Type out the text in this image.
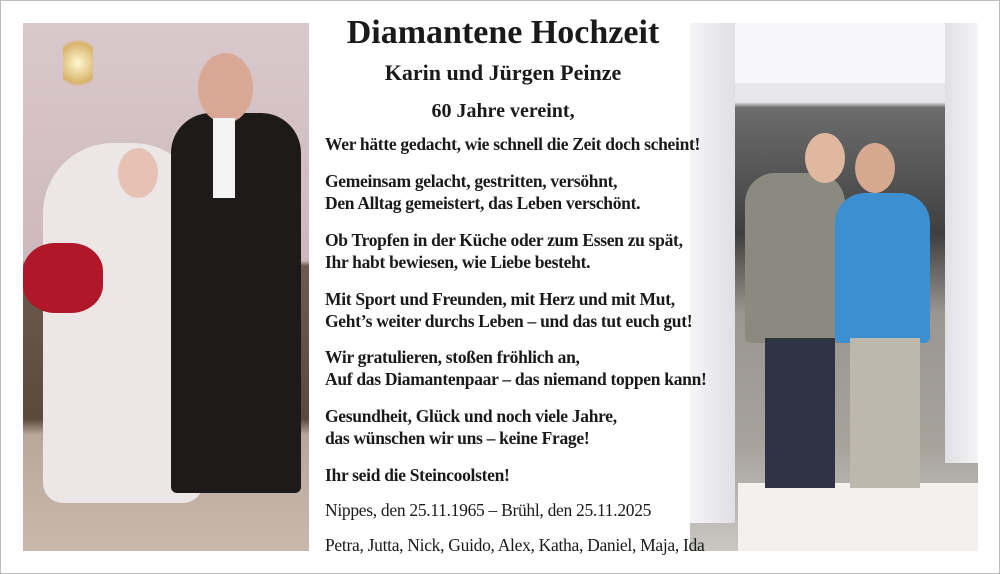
Diamantene Hochzeit
Karin und Jürgen Peinze
60 Jahre vereint,
Wer hätte gedacht, wie schnell die Zeit doch scheint!
Gemeinsam gelacht, gestritten, versöhnt,
Den Alltag gemeistert, das Leben verschönt.
Ob Tropfen in der Küche oder zum Essen zu spät,
Ihr habt bewiesen, wie Liebe besteht.
Mit Sport und Freunden, mit Herz und mit Mut,
Geht’s weiter durchs Leben – und das tut euch gut!
Wir gratulieren, stoßen fröhlich an,
Auf das Diamantenpaar – das niemand toppen kann!
Gesundheit, Glück und noch viele Jahre,
das wünschen wir uns – keine Frage!
Ihr seid die Steincoolsten!
Nippes, den 25.11.1965 – Brühl, den 25.11.2025
Petra, Jutta, Nick, Guido, Alex, Katha, Daniel, Maja, Ida
